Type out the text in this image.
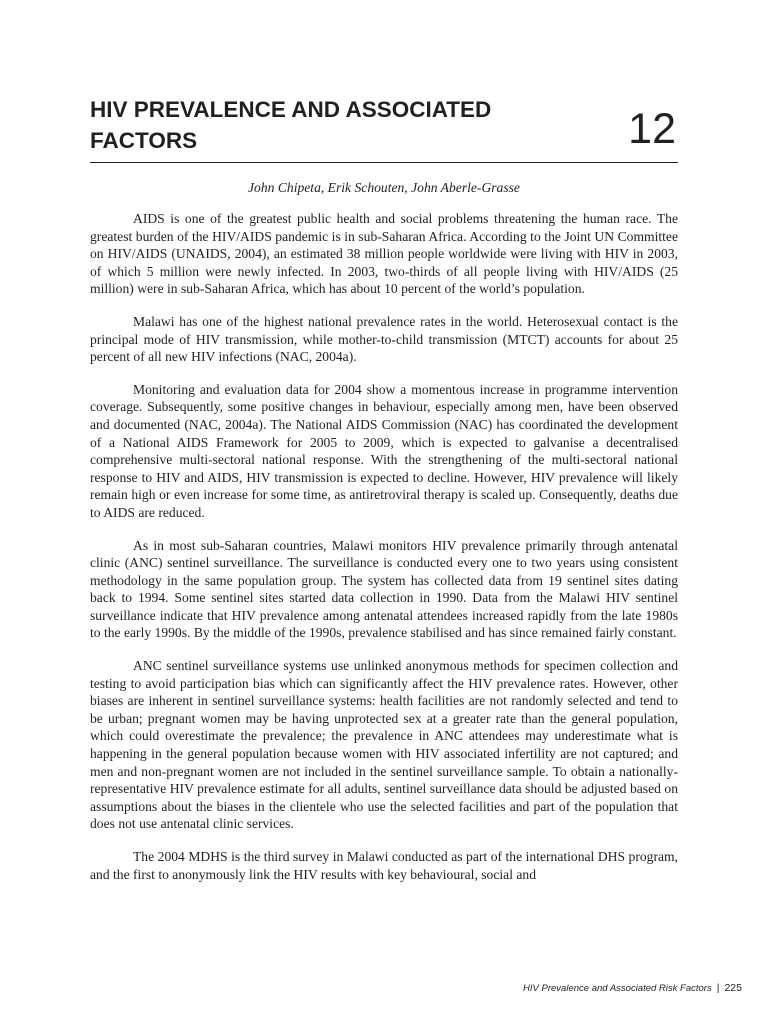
HIV PREVALENCE AND ASSOCIATED FACTORS	12
John Chipeta, Erik Schouten, John Aberle-Grasse

AIDS is one of the greatest public health and social problems threatening the human race. The greatest burden of the HIV/AIDS pandemic is in sub-Saharan Africa. According to the Joint UN Committee on HIV/AIDS (UNAIDS, 2004), an estimated 38 million people worldwide were living with HIV in 2003, of which 5 million were newly infected. In 2003, two-thirds of all people living with HIV/AIDS (25 million) were in sub-Saharan Africa, which has about 10 percent of the world’s population.

Malawi has one of the highest national prevalence rates in the world. Heterosexual contact is the principal mode of HIV transmission, while mother-to-child transmission (MTCT) accounts for about 25 percent of all new HIV infections (NAC, 2004a).

Monitoring and evaluation data for 2004 show a momentous increase in programme intervention coverage. Subsequently, some positive changes in behaviour, especially among men, have been observed and documented (NAC, 2004a). The National AIDS Commission (NAC) has coordinated the development of a National AIDS Framework for 2005 to 2009, which is expected to galvanise a decentralised comprehensive multi-sectoral national response. With the strengthening of the multi-sectoral national response to HIV and AIDS, HIV transmission is expected to decline. However, HIV prevalence will likely remain high or even increase for some time, as antiretroviral therapy is scaled up. Consequently, deaths due to AIDS are reduced.

As in most sub-Saharan countries, Malawi monitors HIV prevalence primarily through antenatal clinic (ANC) sentinel surveillance. The surveillance is conducted every one to two years using consistent methodology in the same population group. The system has collected data from 19 sentinel sites dating back to 1994. Some sentinel sites started data collection in 1990. Data from the Malawi HIV sentinel surveillance indicate that HIV prevalence among antenatal attendees increased rapidly from the late 1980s to the early 1990s. By the middle of the 1990s, prevalence stabilised and has since remained fairly constant.

ANC sentinel surveillance systems use unlinked anonymous methods for specimen collection and testing to avoid participation bias which can significantly affect the HIV prevalence rates. However, other biases are inherent in sentinel surveillance systems: health facilities are not randomly selected and tend to be urban; pregnant women may be having unprotected sex at a greater rate than the general population, which could overestimate the prevalence; the prevalence in ANC attendees may underestimate what is happening in the general population because women with HIV associated infertility are not captured; and men and non-pregnant women are not included in the sentinel surveillance sample. To obtain a nationally-representative HIV prevalence estimate for all adults, sentinel surveillance data should be adjusted based on assumptions about the biases in the clientele who use the selected facilities and part of the population that does not use antenatal clinic services.

The 2004 MDHS is the third survey in Malawi conducted as part of the international DHS program, and the first to anonymously link the HIV results with key behavioural, social and

HIV Prevalence and Associated Risk Factors | 225
